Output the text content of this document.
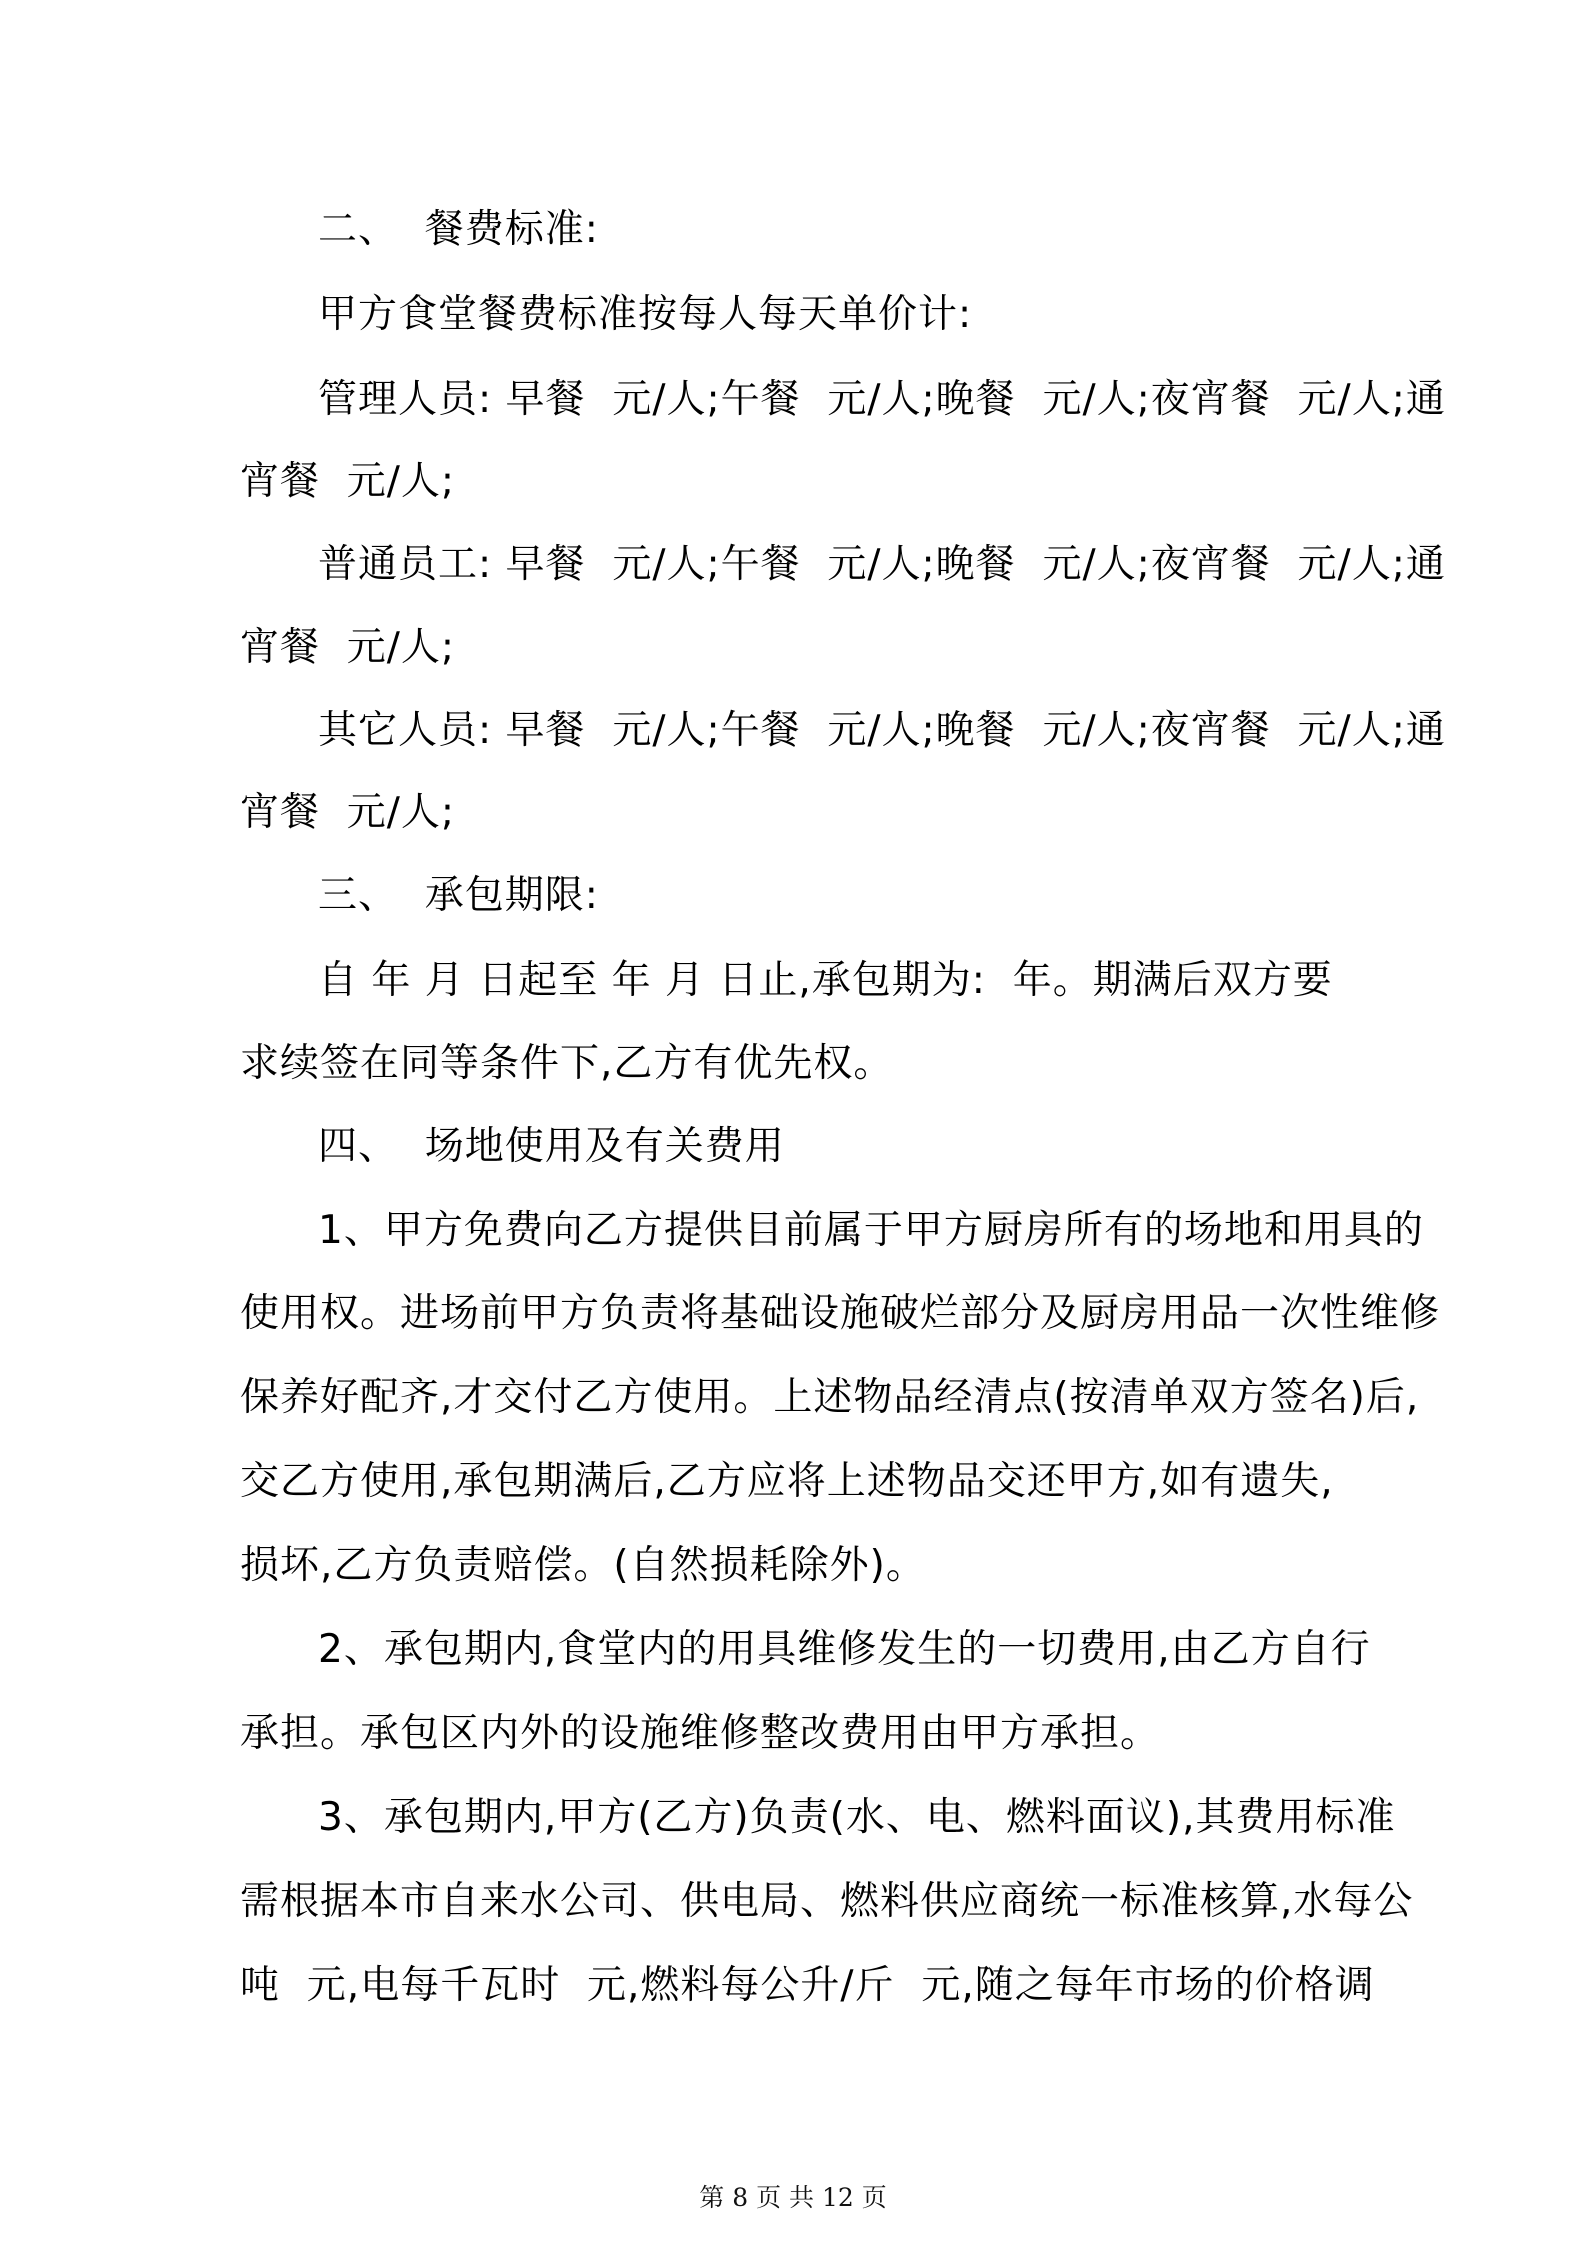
二、  餐费标准:
甲方食堂餐费标准按每人每天单价计:
管理人员: 早餐  元/人;午餐  元/人;晚餐  元/人;夜宵餐  元/人;通
宵餐  元/人;
普通员工: 早餐  元/人;午餐  元/人;晚餐  元/人;夜宵餐  元/人;通
宵餐  元/人;
其它人员: 早餐  元/人;午餐  元/人;晚餐  元/人;夜宵餐  元/人;通
宵餐  元/人;
三、  承包期限:
自 年 月 日起至 年 月 日止,承包期为:  年。期满后双方要
求续签在同等条件下,乙方有优先权。
四、  场地使用及有关费用
1、甲方免费向乙方提供目前属于甲方厨房所有的场地和用具的
使用权。进场前甲方负责将基础设施破烂部分及厨房用品一次性维修
保养好配齐,才交付乙方使用。上述物品经清点(按清单双方签名)后,
交乙方使用,承包期满后,乙方应将上述物品交还甲方,如有遗失,
损坏,乙方负责赔偿。(自然损耗除外)。
2、承包期内,食堂内的用具维修发生的一切费用,由乙方自行
承担。承包区内外的设施维修整改费用由甲方承担。
3、承包期内,甲方(乙方)负责(水、电、燃料面议),其费用标准
需根据本市自来水公司、供电局、燃料供应商统一标准核算,水每公
吨  元,电每千瓦时  元,燃料每公升/斤  元,随之每年市场的价格调
第 8 页 共 12 页
